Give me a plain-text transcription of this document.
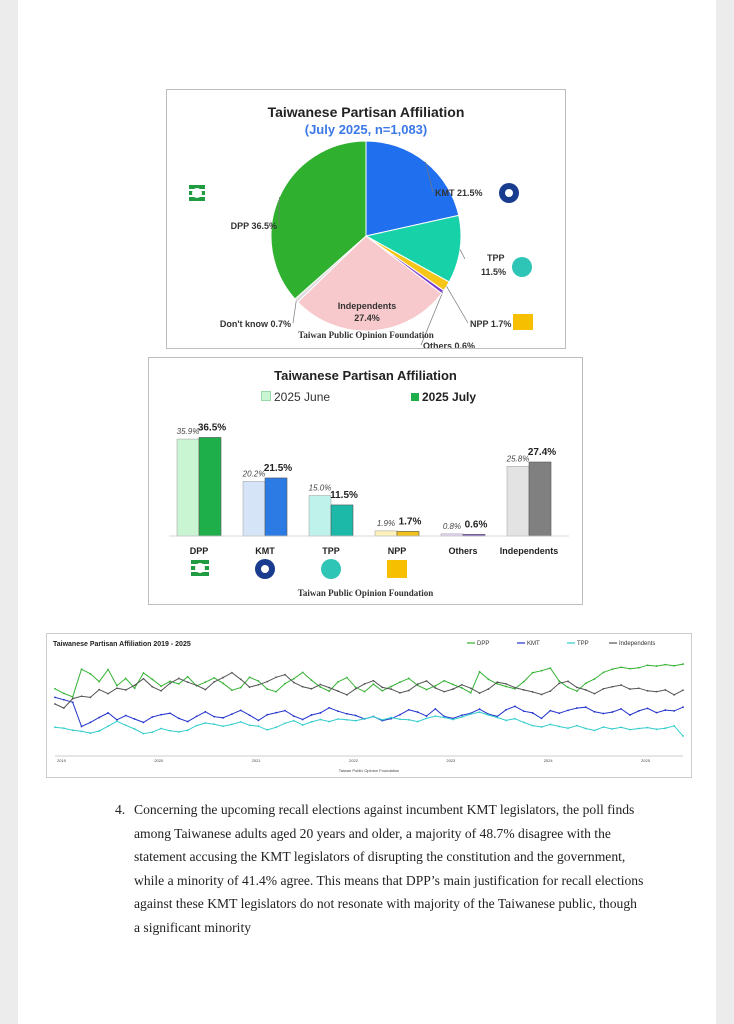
Taiwanese Partisan Affiliation
(July 2025, n=1,083)
KMT 21.5%
TPP
11.5%
NPP 1.7%
Others 0.6%
Independents
27.4%
Don't know 0.7%
DPP 36.5%
Taiwan Public Opinion Foundation
Taiwanese Partisan Affiliation
2025 June	2025 July
35.9%
36.5%
DPP
20.2%
21.5%
KMT
15.0%
11.5%
TPP
1.9% 1.7%
NPP
0.8% 0.6%
Others
25.8%
27.4%
Independents
Taiwan Public Opinion Foundation
Taiwanese Partisan Affiliation 2019 - 2025	DPP	KMT	TPP	Independents
2019	2020	2021	2022	2023	2024	2025
Taiwan Public Opinion Foundation
4. Concerning the upcoming recall elections against incumbent KMT legislators, the poll finds among Taiwanese adults aged 20 years and older, a majority of 48.7% disagree with the statement accusing the KMT legislators of disrupting the constitution and the government, while a minority of 41.4% agree. This means that DPP’s main justification for recall elections against these KMT legislators do not resonate with majority of the Taiwanese public, though a significant minority
